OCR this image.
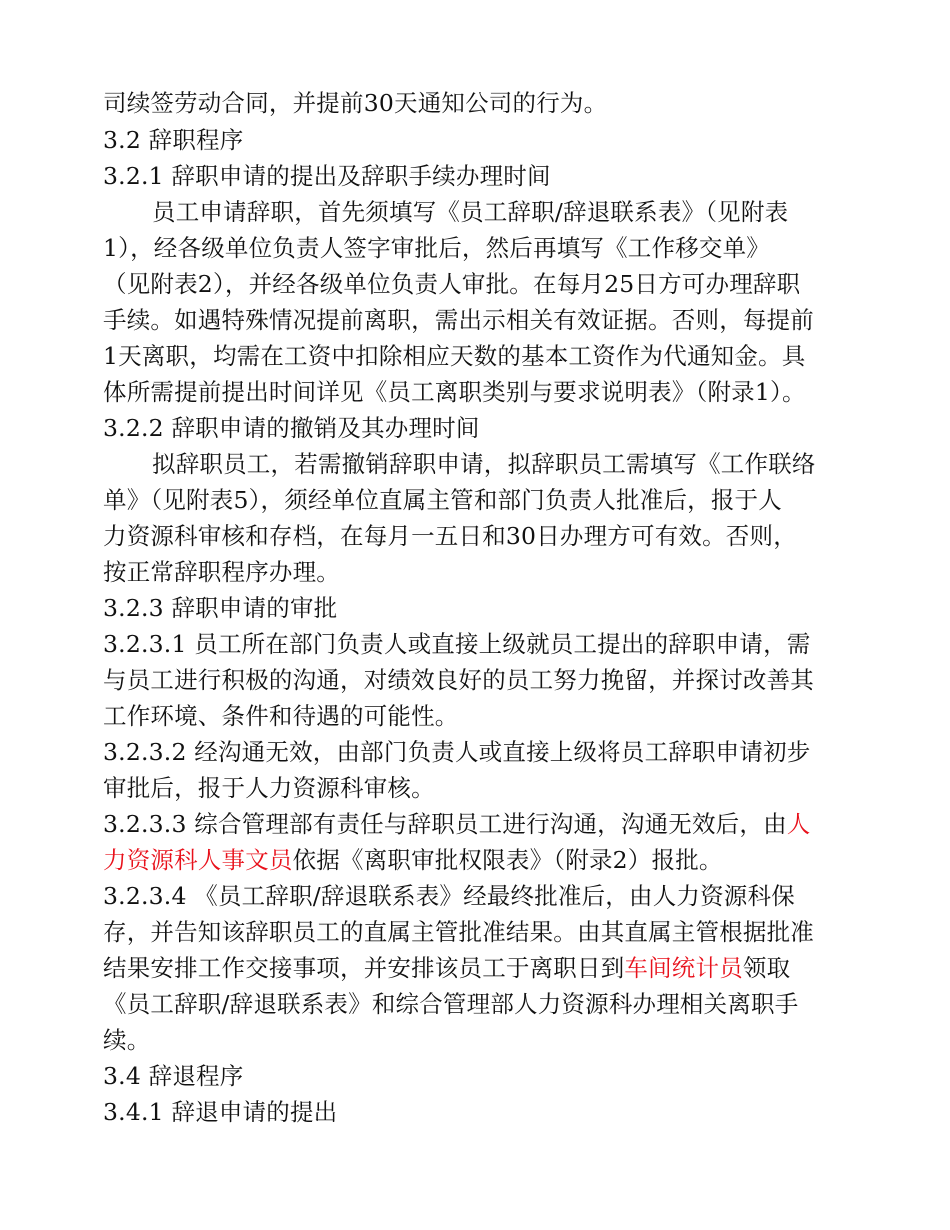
司续签劳动合同，并提前30天通知公司的行为。
3.2 辞职程序
3.2.1 辞职申请的提出及辞职手续办理时间
员工申请辞职，首先须填写《员工辞职/辞退联系表》（见附表
1），经各级单位负责人签字审批后，然后再填写《工作移交单》
（见附表2），并经各级单位负责人审批。在每月25日方可办理辞职
手续。如遇特殊情况提前离职，需出示相关有效证据。否则，每提前
1天离职，均需在工资中扣除相应天数的基本工资作为代通知金。具
体所需提前提出时间详见《员工离职类别与要求说明表》（附录1）。
3.2.2 辞职申请的撤销及其办理时间
拟辞职员工，若需撤销辞职申请，拟辞职员工需填写《工作联络
单》（见附表5），须经单位直属主管和部门负责人批准后，报于人
力资源科审核和存档，在每月一五日和30日办理方可有效。否则，
按正常辞职程序办理。
3.2.3 辞职申请的审批
3.2.3.1 员工所在部门负责人或直接上级就员工提出的辞职申请，需
与员工进行积极的沟通，对绩效良好的员工努力挽留，并探讨改善其
工作环境、条件和待遇的可能性。
3.2.3.2 经沟通无效，由部门负责人或直接上级将员工辞职申请初步
审批后，报于人力资源科审核。
3.2.3.3 综合管理部有责任与辞职员工进行沟通，沟通无效后，由人
力资源科人事文员依据《离职审批权限表》（附录2）报批。
3.2.3.4 《员工辞职/辞退联系表》经最终批准后，由人力资源科保
存，并告知该辞职员工的直属主管批准结果。由其直属主管根据批准
结果安排工作交接事项，并安排该员工于离职日到车间统计员领取
《员工辞职/辞退联系表》和综合管理部人力资源科办理相关离职手
续。
3.4 辞退程序
3.4.1 辞退申请的提出
